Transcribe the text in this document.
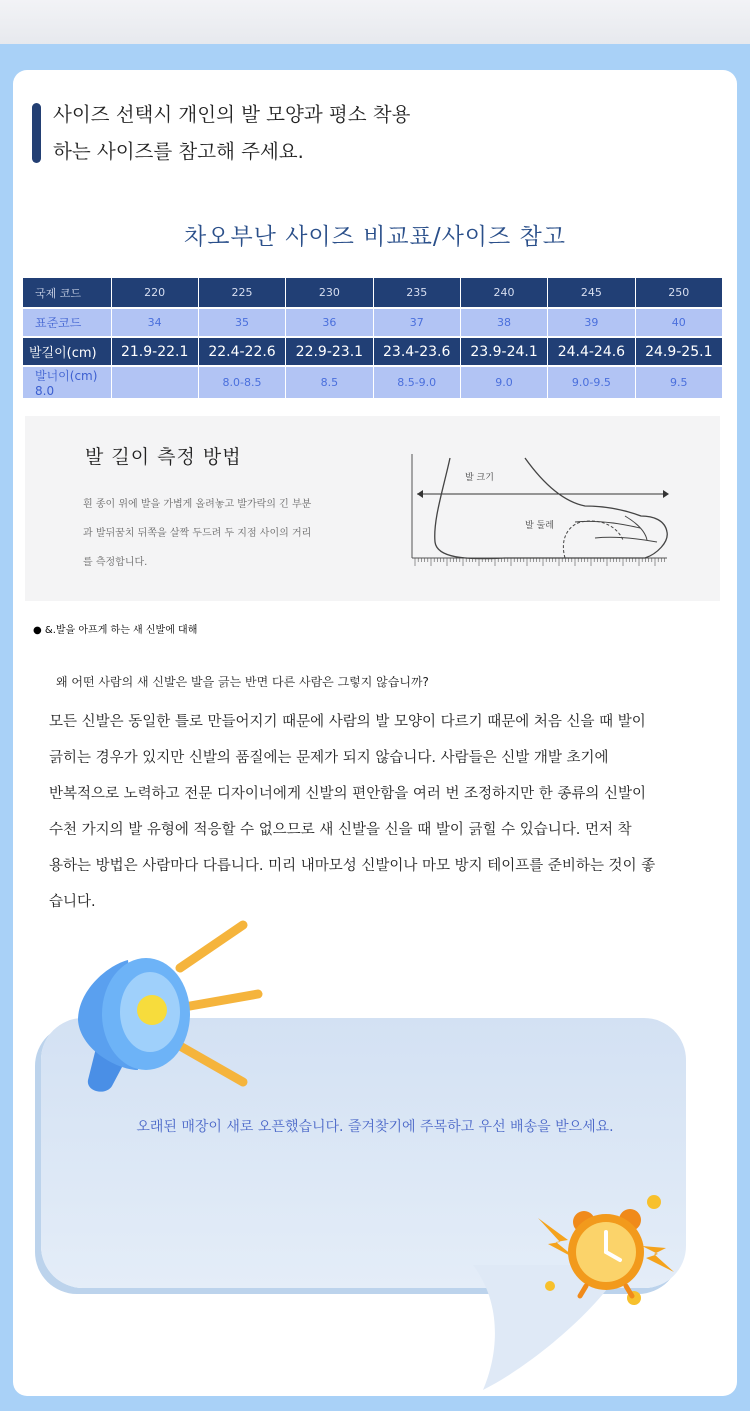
사이즈 선택시 개인의 발 모양과 평소 착용
하는 사이즈를 참고해 주세요.
차오부난 사이즈 비교표/사이즈 참고
국제 코드	220	225	230	235	240	245	250
표준코드	34	35	36	37	38	39	40
발길이(cm)	21.9-22.1	22.4-22.6	22.9-23.1	23.4-23.6	23.9-24.1	24.4-24.6	24.9-25.1
발너이(cm) 8.0		8.0-8.5	8.5	8.5-9.0	9.0	9.0-9.5	9.5
발 길이 측정 방법
흰 종이 위에 발을 가볍게 올려놓고 발가락의 긴 부분
과 발뒤꿈치 뒤쪽을 살짝 두드려 두 지점 사이의 거리
를 측정합니다.
발 크기
발 둘레
● &.발을 아프게 하는 새 신발에 대해
왜 어떤 사람의 새 신발은 발을 긁는 반면 다른 사람은 그렇지 않습니까?
모든 신발은 동일한 틀로 만들어지기 때문에 사람의 발 모양이 다르기 때문에 처음 신을 때 발이
긁히는 경우가 있지만 신발의 품질에는 문제가 되지 않습니다. 사람들은 신발 개발 초기에
반복적으로 노력하고 전문 디자이너에게 신발의 편안함을 여러 번 조정하지만 한 종류의 신발이
수천 가지의 발 유형에 적응할 수 없으므로 새 신발을 신을 때 발이 긁힐 수 있습니다. 먼저 착
용하는 방법은 사람마다 다릅니다. 미리 내마모성 신발이나 마모 방지 테이프를 준비하는 것이 좋
습니다.
오래된 매장이 새로 오픈했습니다. 즐겨찾기에 주목하고 우선 배송을 받으세요.
